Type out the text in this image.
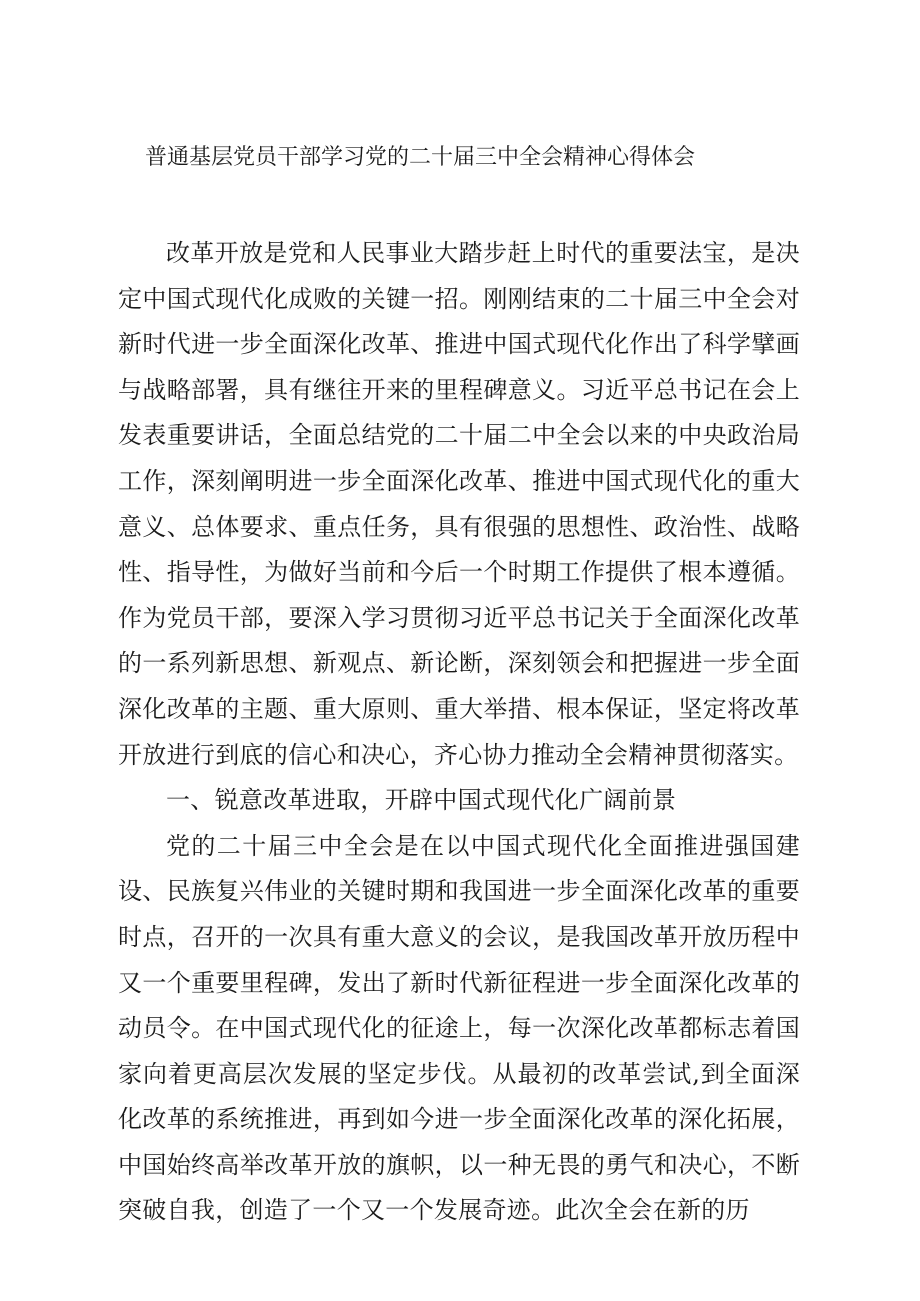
普通基层党员干部学习党的二十届三中全会精神心得体会

改革开放是党和人民事业大踏步赶上时代的重要法宝，是决定中国式现代化成败的关键一招。刚刚结束的二十届三中全会对新时代进一步全面深化改革、推进中国式现代化作出了科学擘画与战略部署，具有继往开来的里程碑意义。习近平总书记在会上发表重要讲话，全面总结党的二十届二中全会以来的中央政治局工作，深刻阐明进一步全面深化改革、推进中国式现代化的重大意义、总体要求、重点任务，具有很强的思想性、政治性、战略性、指导性，为做好当前和今后一个时期工作提供了根本遵循。作为党员干部，要深入学习贯彻习近平总书记关于全面深化改革的一系列新思想、新观点、新论断，深刻领会和把握进一步全面深化改革的主题、重大原则、重大举措、根本保证，坚定将改革开放进行到底的信心和决心，齐心协力推动全会精神贯彻落实。

一、锐意改革进取，开辟中国式现代化广阔前景

党的二十届三中全会是在以中国式现代化全面推进强国建设、民族复兴伟业的关键时期和我国进一步全面深化改革的重要时点，召开的一次具有重大意义的会议，是我国改革开放历程中又一个重要里程碑，发出了新时代新征程进一步全面深化改革的动员令。在中国式现代化的征途上，每一次深化改革都标志着国家向着更高层次发展的坚定步伐。从最初的改革尝试,到全面深化改革的系统推进，再到如今进一步全面深化改革的深化拓展，中国始终高举改革开放的旗帜，以一种无畏的勇气和决心，不断突破自我，创造了一个又一个发展奇迹。此次全会在新的历
